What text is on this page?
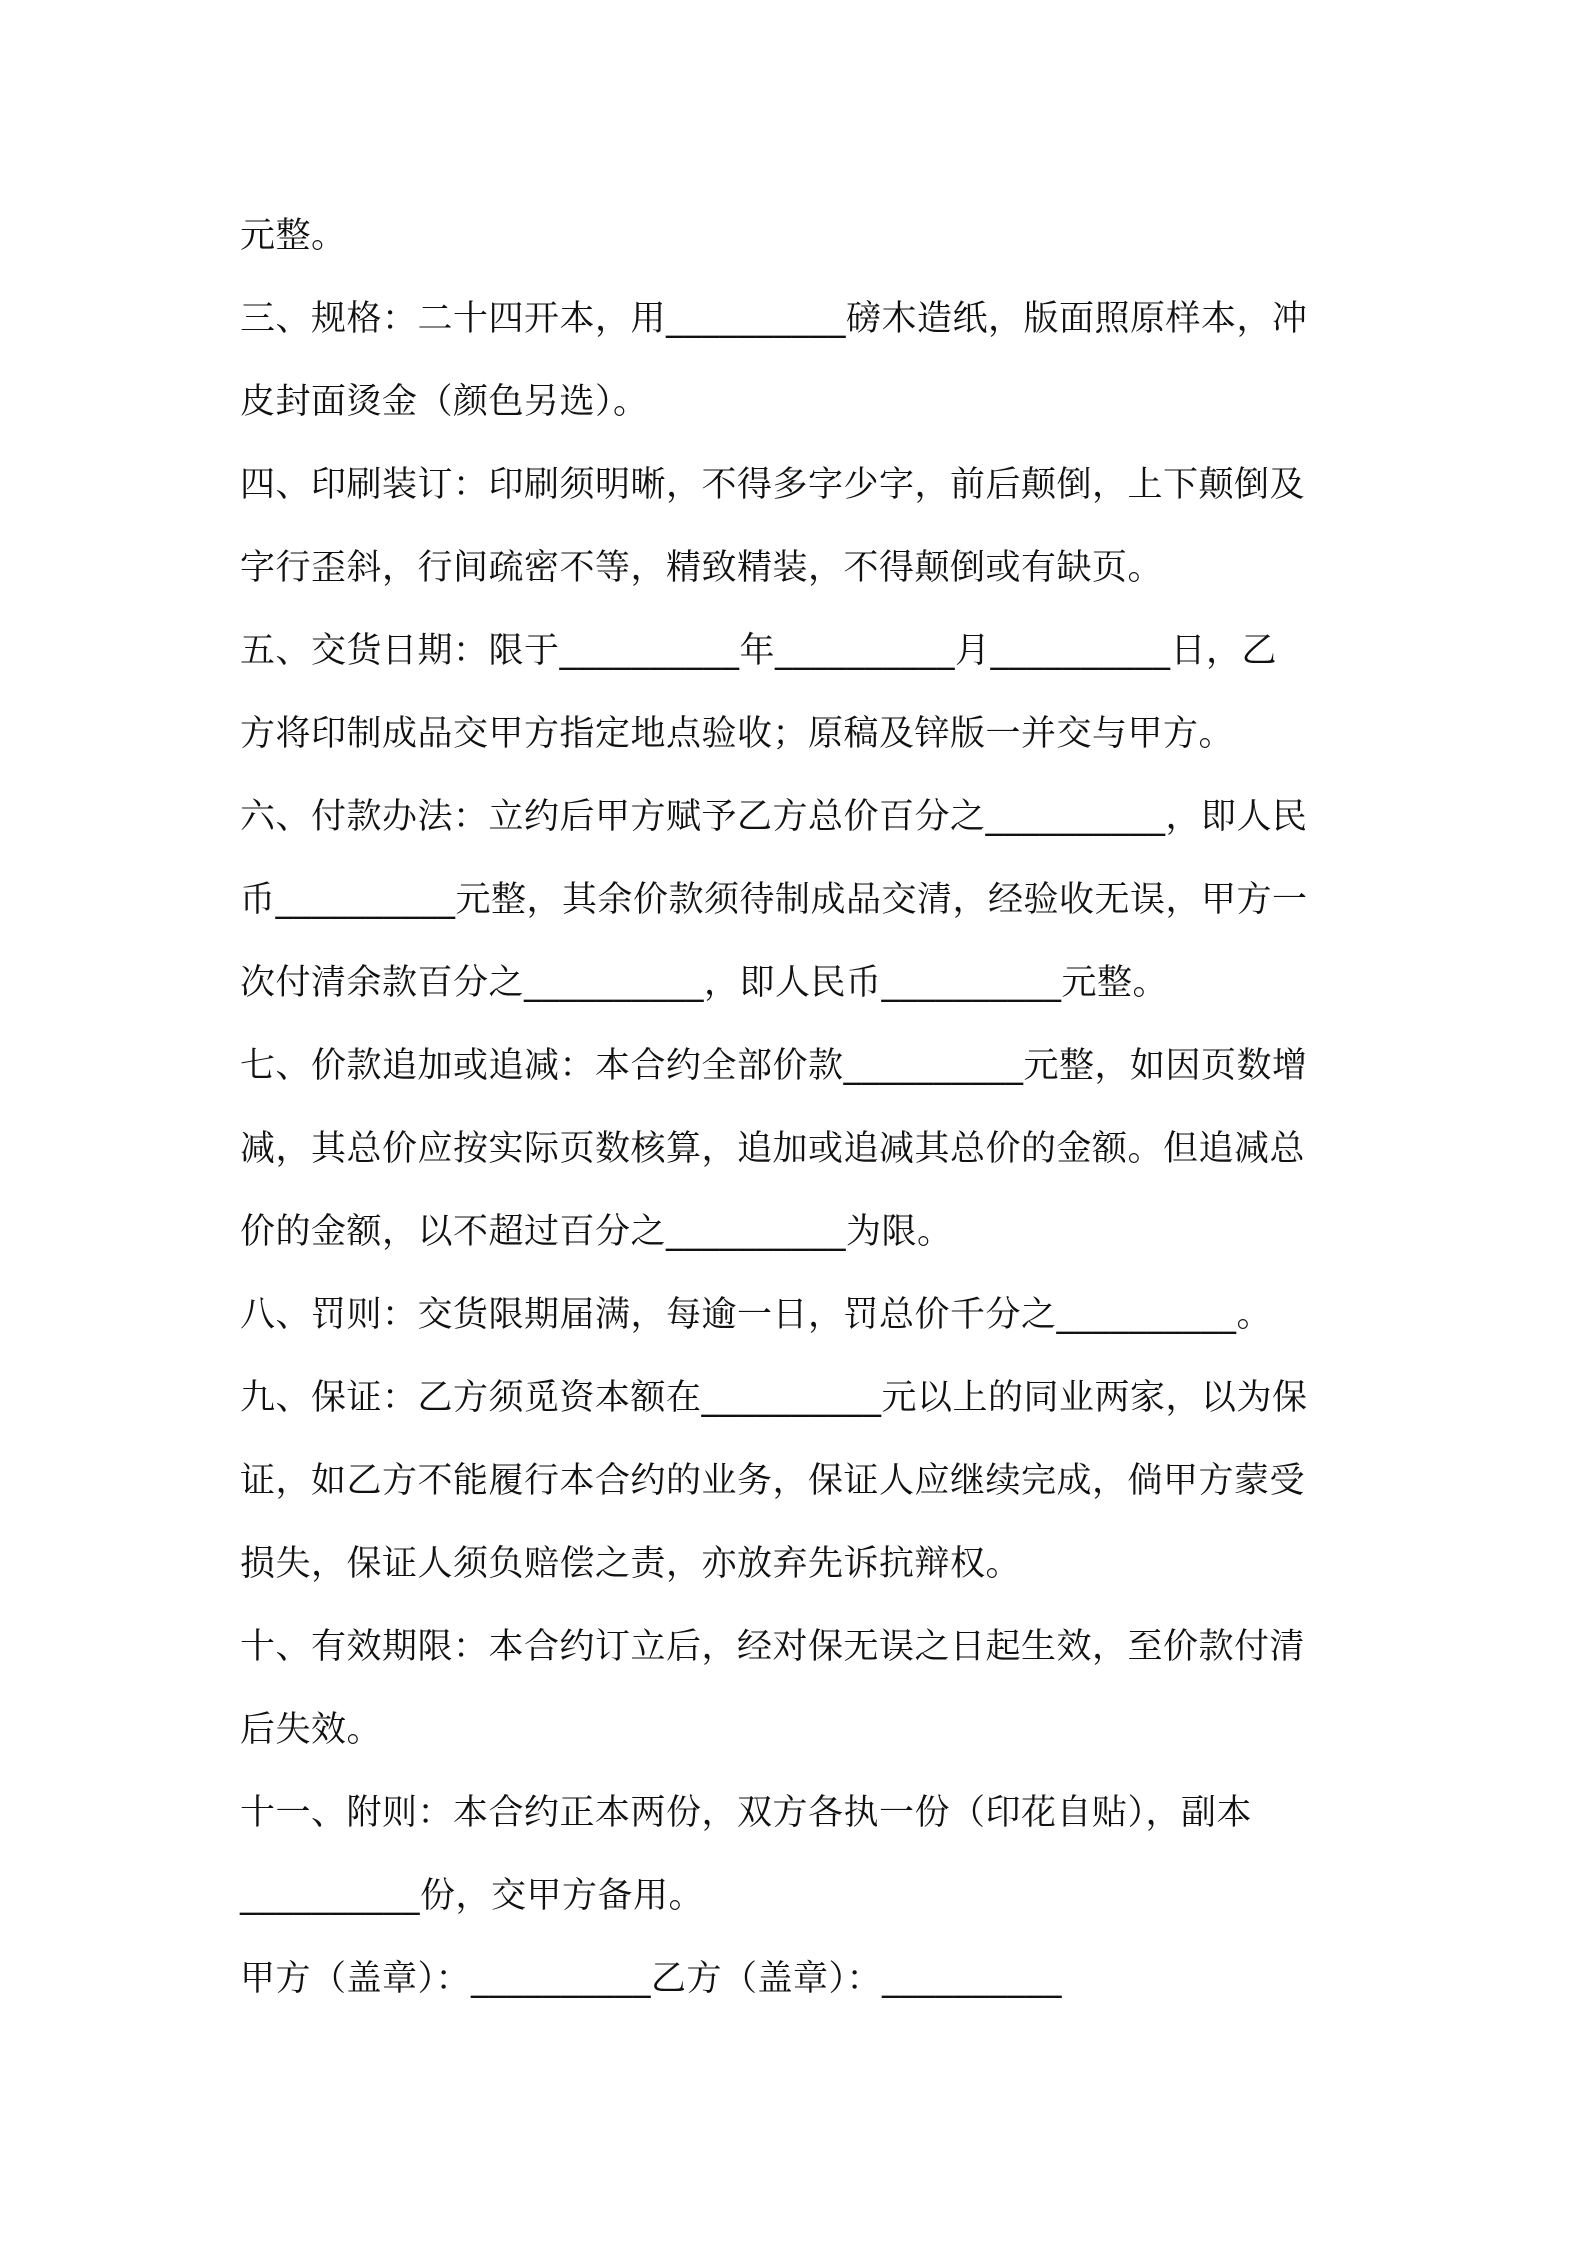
元整。
三、规格：二十四开本，用__________磅木造纸，版面照原样本，冲
皮封面烫金（颜色另选）。
四、印刷装订：印刷须明晰，不得多字少字，前后颠倒，上下颠倒及
字行歪斜，行间疏密不等，精致精装，不得颠倒或有缺页。
五、交货日期：限于__________年__________月__________日，乙
方将印制成品交甲方指定地点验收；原稿及锌版一并交与甲方。
六、付款办法：立约后甲方赋予乙方总价百分之__________，即人民
币__________元整，其余价款须待制成品交清，经验收无误，甲方一
次付清余款百分之__________，即人民币__________元整。
七、价款追加或追减：本合约全部价款__________元整，如因页数增
减，其总价应按实际页数核算，追加或追减其总价的金额。但追减总
价的金额，以不超过百分之__________为限。
八、罚则：交货限期届满，每逾一日，罚总价千分之__________。
九、保证：乙方须觅资本额在__________元以上的同业两家，以为保
证，如乙方不能履行本合约的业务，保证人应继续完成，倘甲方蒙受
损失，保证人须负赔偿之责，亦放弃先诉抗辩权。
十、有效期限：本合约订立后，经对保无误之日起生效，至价款付清
后失效。
十一、附则：本合约正本两份，双方各执一份（印花自贴），副本
__________份，交甲方备用。
甲方（盖章）：__________乙方（盖章）：__________
